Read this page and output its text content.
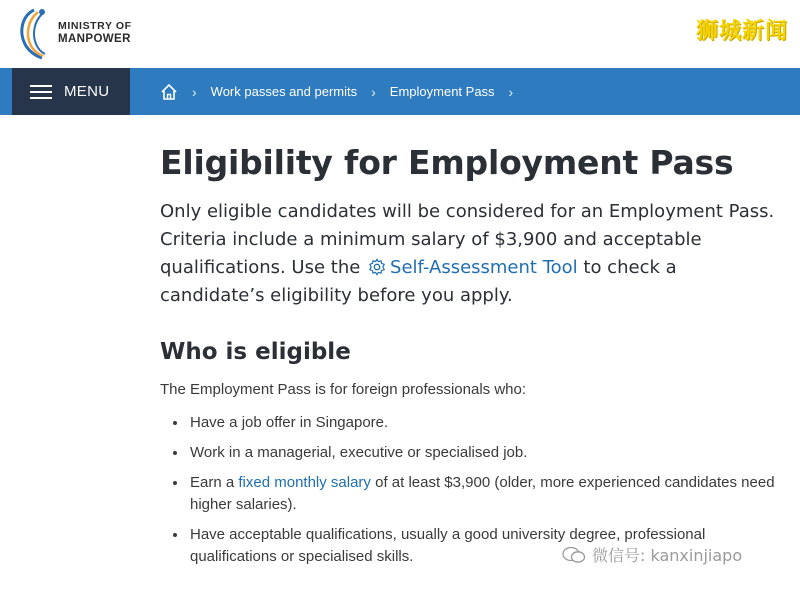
MINISTRY OF
MANPOWER	狮城新闻
MENU	› Work passes and permits › Employment Pass ›
Eligibility for Employment Pass
Only eligible candidates will be considered for an Employment Pass. Criteria include a minimum salary of $3,900 and acceptable qualifications. Use the Self-Assessment Tool to check a candidate’s eligibility before you apply.
Who is eligible
The Employment Pass is for foreign professionals who:
• Have a job offer in Singapore.
• Work in a managerial, executive or specialised job.
• Earn a fixed monthly salary of at least $3,900 (older, more experienced candidates need higher salaries).
• Have acceptable qualifications, usually a good university degree, professional qualifications or specialised skills.	微信号: kanxinjiapo
